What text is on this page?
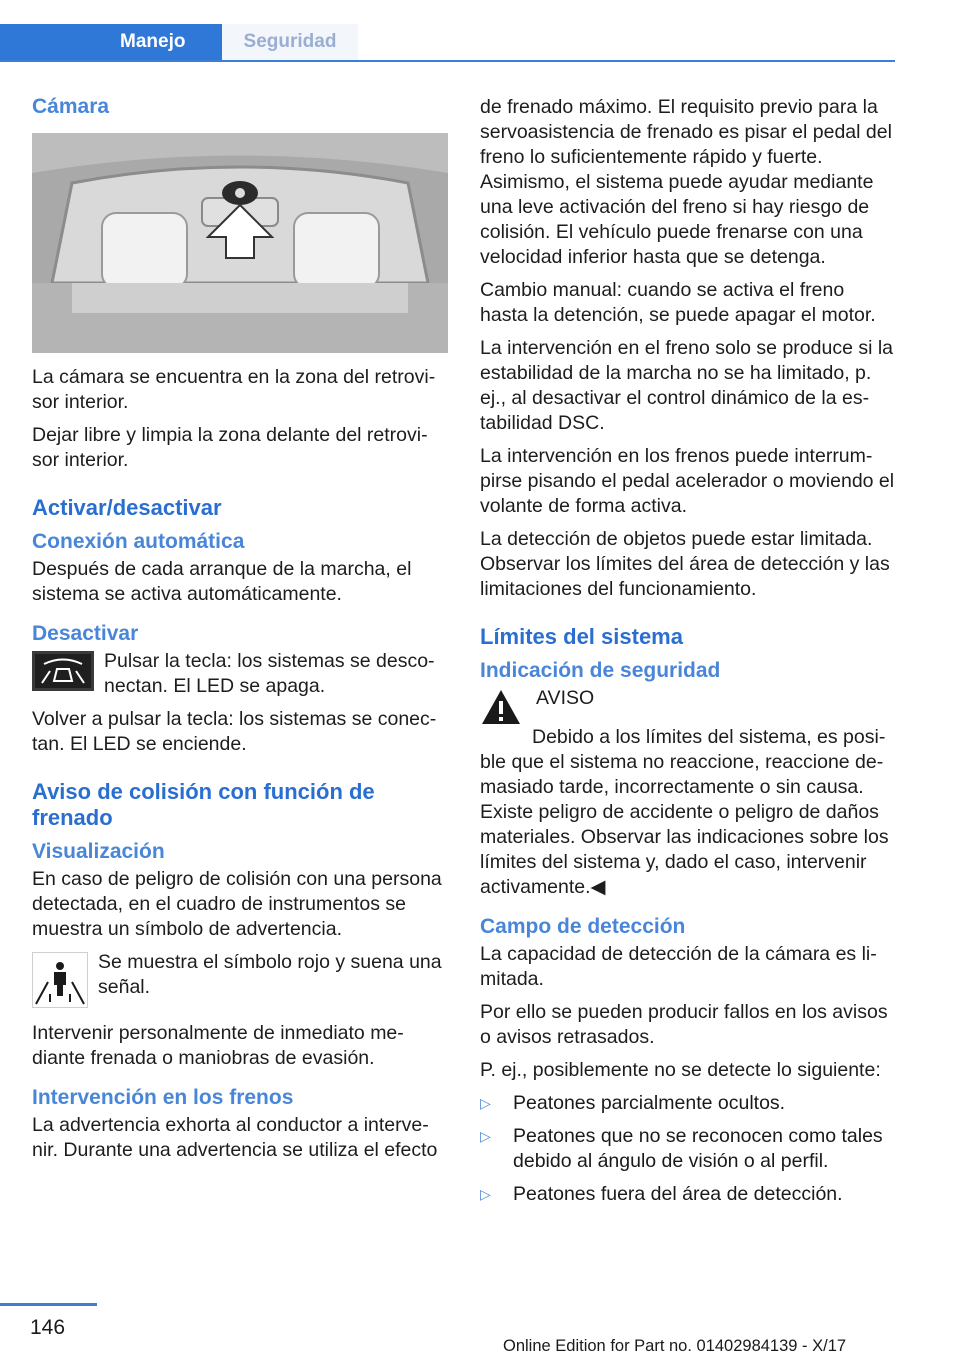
Manejo	Seguridad
Cámara

La cámara se encuentra en la zona del retrovi‐sor interior.

Dejar libre y limpia la zona delante del retrovi‐sor interior.

Activar/desactivar
Conexión automática

Después de cada arranque de la marcha, el sistema se activa automáticamente.

Desactivar

Pulsar la tecla: los sistemas se desco‐nectan. El LED se apaga.

Volver a pulsar la tecla: los sistemas se conec‐tan. El LED se enciende.

Aviso de colisión con función de frenado
Visualización

En caso de peligro de colisión con una persona detectada, en el cuadro de instrumentos se muestra un símbolo de advertencia.

Se muestra el símbolo rojo y suena una señal.

Intervenir personalmente de inmediato me‐diante frenada o maniobras de evasión.

Intervención en los frenos

La advertencia exhorta al conductor a interve‐nir. Durante una advertencia se utiliza el efecto

de frenado máximo. El requisito previo para la servoasistencia de frenado es pisar el pedal del freno lo suficientemente rápido y fuerte. Asimismo, el sistema puede ayudar mediante una leve activación del freno si hay riesgo de colisión. El vehículo puede frenarse con una velocidad inferior hasta que se detenga.

Cambio manual: cuando se activa el freno hasta la detención, se puede apagar el motor.

La intervención en el freno solo se produce si la estabilidad de la marcha no se ha limitado, p. ej., al desactivar el control dinámico de la es‐tabilidad DSC.

La intervención en los frenos puede interrum‐pirse pisando el pedal acelerador o moviendo el volante de forma activa.

La detección de objetos puede estar limitada. Observar los límites del área de detección y las limitaciones del funcionamiento.

Límites del sistema
Indicación de seguridad

AVISO

Debido a los límites del sistema, es posi‐ble que el sistema no reaccione, reaccione de‐masiado tarde, incorrectamente o sin causa. Existe peligro de accidente o peligro de daños materiales. Observar las indicaciones sobre los límites del sistema y, dado el caso, intervenir activamente.◀

Campo de detección

La capacidad de detección de la cámara es li‐mitada.

Por ello se pueden producir fallos en los avisos o avisos retrasados.

P. ej., posiblemente no se detecte lo siguiente:

▷	Peatones parcialmente ocultos.
▷	Peatones que no se reconocen como tales debido al ángulo de visión o al perfil.
▷	Peatones fuera del área de detección.
146
Online Edition for Part no. 01402984139 - X/17
